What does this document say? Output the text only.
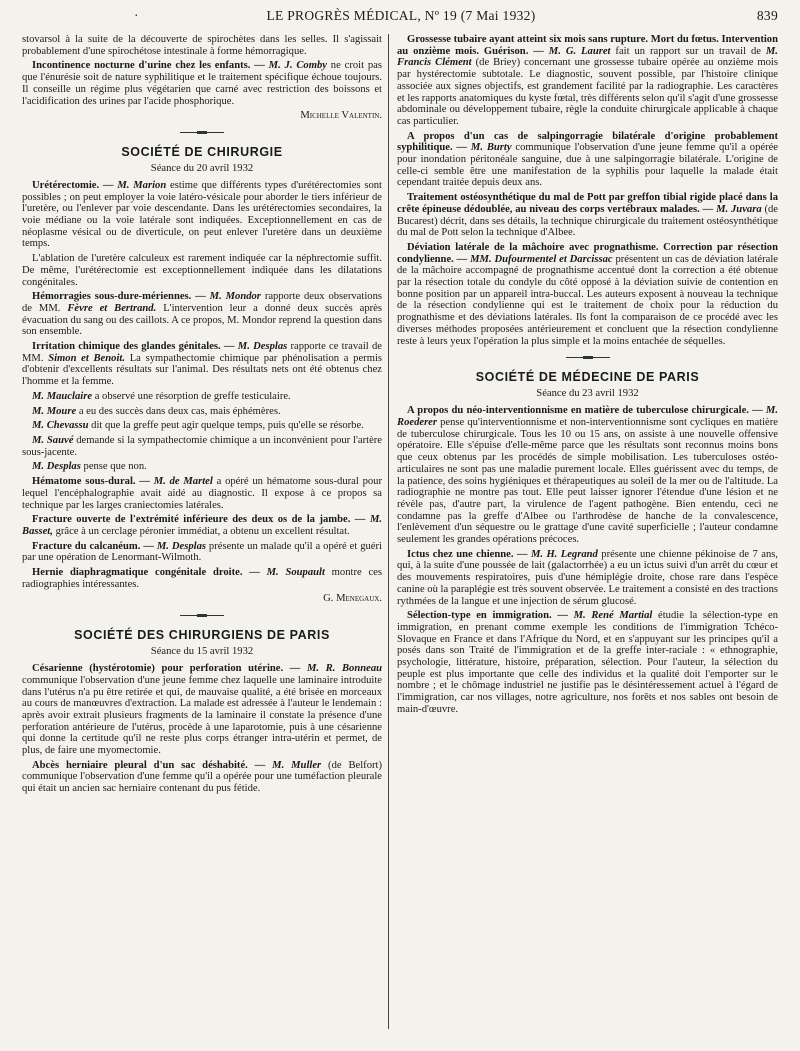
·	LE PROGRÈS MÉDICAL, Nº 19 (7 Mai 1932)	839

stovarsol à la suite de la découverte de spirochètes dans les selles. Il s'agissait probablement d'une spirochétose intestinale à forme hémorragique.

Incontinence nocturne d'urine chez les enfants. — M. J. Comby ne croit pas que l'énurésie soit de nature syphilitique et le traitement spécifique échoue toujours. Il conseille un régime plus végétarien que carné avec restriction des boissons et l'acidification des urines par l'acide phosphorique.

Michelle Valentin.
SOCIÉTÉ DE CHIRURGIE
Séance du 20 avril 1932

Urétérectomie. — M. Marion estime que différents types d'urétérectomies sont possibles ; on peut employer la voie latéro-vésicale pour aborder le tiers inférieur de l'uretère, ou l'enlever par voie descendante. Dans les urétérectomies secondaires, la voie médiane ou la voie latérale sont indiquées. Exceptionnellement en cas de néoplasme vésical ou de diverticule, on peut enlever l'uretère dans un deuxième temps.

L'ablation de l'uretère calculeux est rarement indiquée car la néphrectomie suffit. De même, l'urétérectomie est exceptionnellement indiquée dans les dilatations congénitales.

Hémorragies sous-dure-mériennes. — M. Mondor rapporte deux observations de MM. Fèvre et Bertrand. L'intervention leur a donné deux succès après évacuation du sang ou des caillots. A ce propos, M. Mondor reprend la question dans son ensemble.

Irritation chimique des glandes génitales. — M. Desplas rapporte ce travail de MM. Simon et Benoit. La sympathectomie chimique par phénolisation a permis d'obtenir d'excellents résultats sur l'animal. Des résultats nets ont été obtenus chez l'homme et la femme.

M. Mauclaire a observé une résorption de greffe testiculaire.

M. Moure a eu des succès dans deux cas, mais éphémères.

M. Chevassu dit que la greffe peut agir quelque temps, puis qu'elle se résorbe.

M. Sauvé demande si la sympathectomie chimique a un inconvénient pour l'artère sous-jacente.

M. Desplas pense que non.

Hématome sous-dural. — M. de Martel a opéré un hématome sous-dural pour lequel l'encéphalographie avait aidé au diagnostic. Il expose à ce propos sa technique par les larges craniectomies latérales.

Fracture ouverte de l'extrémité inférieure des deux os de la jambe. — M. Basset, grâce à un cerclage péronier immédiat, a obtenu un excellent résultat.

Fracture du calcanéum. — M. Desplas présente un malade qu'il a opéré et guéri par une opération de Lenormant-Wilmoth.

Hernie diaphragmatique congénitale droite. — M. Soupault montre ces radiographies intéressantes.

G. Menegaux.
SOCIÉTÉ DES CHIRURGIENS DE PARIS
Séance du 15 avril 1932

Césarienne (hystérotomie) pour perforation utérine. — M. R. Bonneau communique l'observation d'une jeune femme chez laquelle une laminaire introduite dans l'utérus n'a pu être retirée et qui, de mauvaise qualité, a été brisée en morceaux au cours de manœuvres d'extraction. La malade est adressée à l'auteur le lendemain : après avoir extrait plusieurs fragments de la laminaire il constate la présence d'une perforation antérieure de l'utérus, procède à une laparotomie, puis à une césarienne qui donne la certitude qu'il ne reste plus corps étranger intra-utérin et permet, de plus, de faire une myomectomie.

Abcès herniaire pleural d'un sac déshabité. — M. Muller (de Belfort) communique l'observation d'une femme qu'il a opérée pour une tuméfaction pleurale qui était un ancien sac herniaire contenant du pus fétide.

Grossesse tubaire ayant atteint six mois sans rupture. Mort du fœtus. Intervention au onzième mois. Guérison. — M. G. Lauret fait un rapport sur un travail de M. Francis Clément (de Briey) concernant une grossesse tubaire opérée au onzième mois par hystérectomie subtotale. Le diagnostic, souvent possible, par l'histoire clinique associée aux signes objectifs, est grandement facilité par la radiographie. Les caractères et les rapports anatomiques du kyste fœtal, très différents selon qu'il s'agit d'une grossesse abdominale ou développement tubaire, règle la conduite chirurgicale applicable à chaque cas particulier.

A propos d'un cas de salpingorragie bilatérale d'origine probablement syphilitique. — M. Burty communique l'observation d'une jeune femme qu'il a opérée pour inondation péritonéale sanguine, due à une salpingorragie bilatérale. L'origine de celle-ci semble être une manifestation de la syphilis pour laquelle la malade était cependant traitée depuis deux ans.

Traitement ostéosynthétique du mal de Pott par greffon tibial rigide placé dans la crête épineuse dédoublée, au niveau des corps vertébraux malades. — M. Juvara (de Bucarest) décrit, dans ses détails, la technique chirurgicale du traitement ostéosynthétique du mal de Pott selon la technique d'Albee.

Déviation latérale de la mâchoire avec prognathisme. Correction par résection condylienne. — MM. Dufourmentel et Darcissac présentent un cas de déviation latérale de la mâchoire accompagné de prognathisme accentué dont la correction a été obtenue par la résection totale du condyle du côté opposé à la déviation suivie de contention en bonne position par un appareil intra-buccal. Les auteurs exposent à nouveau la technique de la résection condylienne qui est le traitement de choix pour la réduction du prognathisme et des déviations latérales. Ils font la comparaison de ce procédé avec les diverses méthodes proposées antérieurement et concluent que la résection condylienne reste à leurs yeux l'opération la plus simple et la moins entachée de séquelles.

SOCIÉTÉ DE MÉDECINE DE PARIS
Séance du 23 avril 1932

A propos du néo-interventionnisme en matière de tuberculose chirurgicale. — M. Roederer pense qu'interventionnisme et non-interventionnisme sont cycliques en matière de tuberculose chirurgicale. Tous les 10 ou 15 ans, on assiste à une nouvelle offensive opératoire. Elle s'épuise d'elle-même parce que les résultats sont reconnus moins bons que ceux obtenus par les procédés de simple mobilisation. Les tuberculoses ostéo-articulaires ne sont pas une maladie purement locale. Elles guérissent avec du temps, de la patience, des soins hygiéniques et thérapeutiques au soleil de la mer ou de l'altitude. La radiographie ne montre pas tout. Elle peut laisser ignorer l'étendue d'une lésion et ne révèle pas, d'autre part, la virulence de l'agent pathogène. Bien entendu, ceci ne condamne pas la greffe d'Albee ou l'arthrodèse de hanche de la convalescence, l'enlèvement d'un séquestre ou le grattage d'une cavité superficielle ; l'auteur condamne seulement les grandes opérations précoces.

Ictus chez une chienne. — M. H. Legrand présente une chienne pékinoise de 7 ans, qui, à la suite d'une poussée de lait (galactorrhée) a eu un ictus suivi d'un arrêt du cœur et des mouvements respiratoires, puis d'une hémiplégie droite, chose rare dans l'espèce canine où la paraplégie est très souvent observée. Le traitement a consisté en des tractions rythmées de la langue et une injection de sérum glucosé.

Sélection-type en immigration. — M. René Martial étudie la sélection-type en immigration, en prenant comme exemple les conditions de l'immigration Tchéco-Slovaque en France et dans l'Afrique du Nord, et en s'appuyant sur les principes qu'il a posés dans son Traité de l'immigration et de la greffe inter-raciale : « ethnographie, psychologie, littérature, histoire, préparation, sélection. Pour l'auteur, la sélection du peuple est plus importante que celle des individus et la qualité doit l'emporter sur le nombre ; et le chômage industriel ne justifie pas le désintéressement actuel à l'égard de l'immigration, car nos villages, notre agriculture, nos forêts et nos sables ont besoin de main-d'œuvre.
